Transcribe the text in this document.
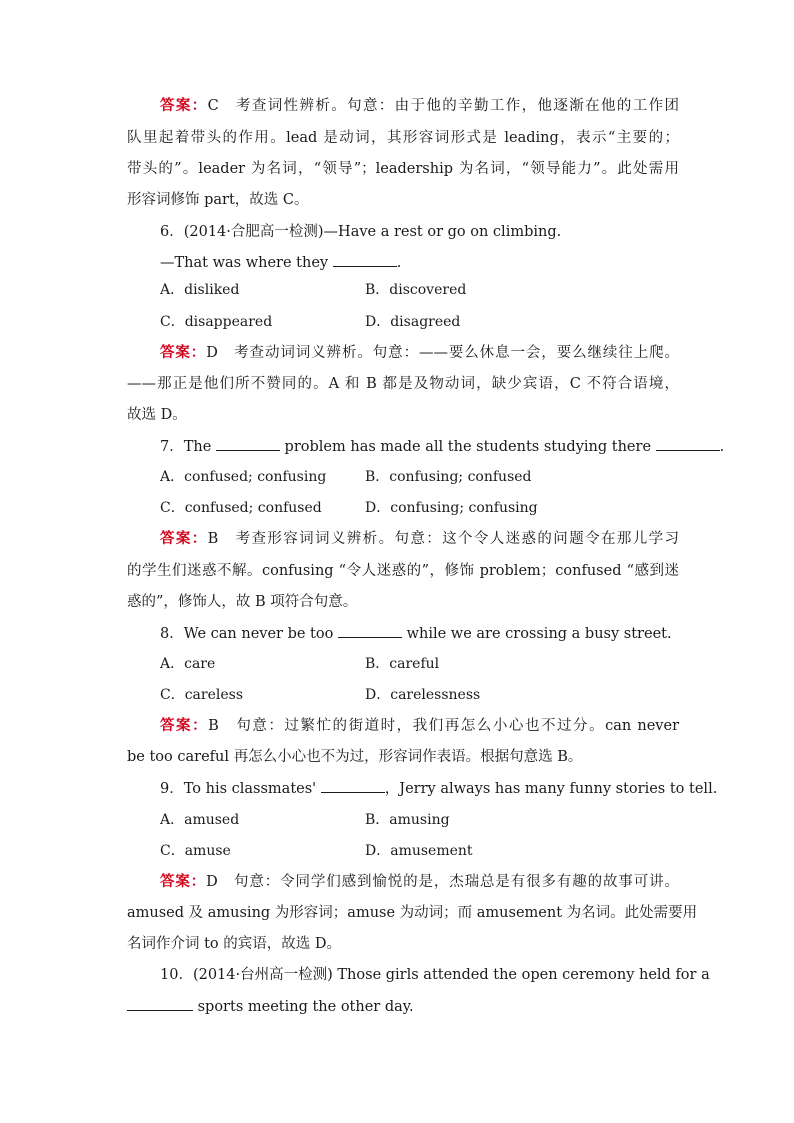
答案：C　考查词性辨析。句意：由于他的辛勤工作，他逐渐在他的工作团
队里起着带头的作用。lead 是动词，其形容词形式是 leading，表示“主要的；
带头的”。leader 为名词，“领导”；leadership 为名词，“领导能力”。此处需用
形容词修饰 part，故选 C。
6．(2014·合肥高一检测)—Have a rest or go on climbing.
—That was where they	.
A．disliked	B．discovered
C．disappeared	D．disagreed
答案：D　考查动词词义辨析。句意：——要么休息一会，要么继续往上爬。
——那正是他们所不赞同的。A 和 B 都是及物动词，缺少宾语，C 不符合语境，
故选 D。
7．The	problem has made all the students studying there	.
A．confused; confusing	B．confusing; confused
C．confused; confused	D．confusing; confusing
答案：B　考查形容词词义辨析。句意：这个令人迷惑的问题令在那儿学习
的学生们迷惑不解。confusing “令人迷惑的”，修饰 problem；confused “感到迷
惑的”，修饰人，故 B 项符合句意。
8．We can never be too	while we are crossing a busy street.
A．care	B．careful
C．careless	D．carelessness
答案：B　句意：过繁忙的街道时，我们再怎么小心也不过分。can never
be too careful 再怎么小心也不为过，形容词作表语。根据句意选 B。
9．To his classmates'	，Jerry always has many funny stories to tell.
A．amused	B．amusing
C．amuse	D．amusement
答案：D　句意：令同学们感到愉悦的是，杰瑞总是有很多有趣的故事可讲。
amused 及 amusing 为形容词；amuse 为动词；而 amusement 为名词。此处需要用
名词作介词 to 的宾语，故选 D。
10．(2014·台州高一检测) Those girls attended the open ceremony held for a
sports meeting the other day.
